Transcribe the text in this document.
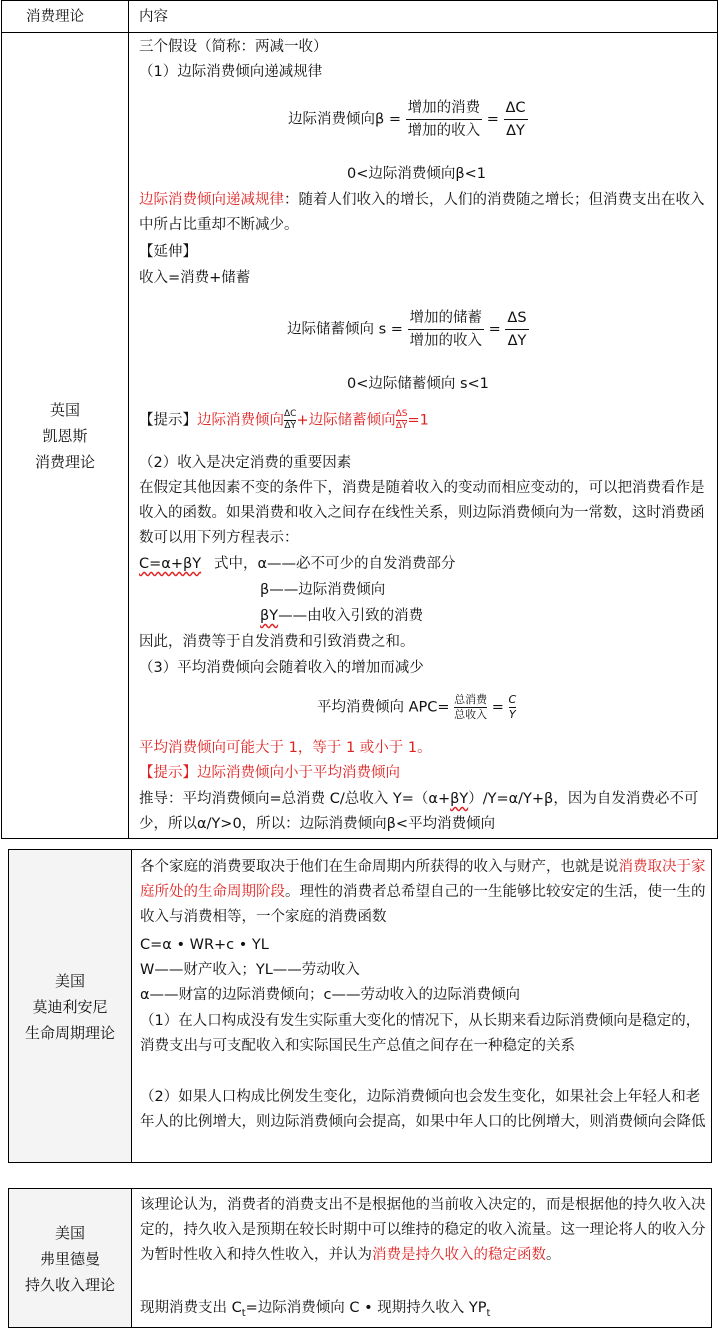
消费理论	内容
英国
凯恩斯
消费理论
三个假设（简称：两减一收）
（1）边际消费倾向递减规律
边际消费倾向$\beta = \frac{\text{增加的消费}}{\text{增加的收入}} = \frac{\Delta C}{\Delta Y}$
0<边际消费倾向β<1
边际消费倾向递减规律：随着人们收入的增长，人们的消费随之增长；但消费支出在收入中所占比重却不断减少。
【延伸】
收入=消费+储蓄
边际储蓄倾向 $s = \frac{\text{增加的储蓄}}{\text{增加的收入}} = \frac{\Delta S}{\Delta Y}$
0<边际储蓄倾向 s<1
【提示】边际消费倾向 $\frac{\Delta C}{\Delta Y}$ +边际储蓄倾向 $\frac{\Delta S}{\Delta Y} =1$
（2）收入是决定消费的重要因素
在假定其他因素不变的条件下，消费是随着收入的变动而相应变动的，可以把消费看作是收入的函数。如果消费和收入之间存在线性关系，则边际消费倾向为一常数，这时消费函数可以用下列方程表示：
C=α+βY 式中，α——必不可少的自发消费部分
β——边际消费倾向
βY——由收入引致的消费
因此，消费等于自发消费和引致消费之和。
（3）平均消费倾向会随着收入的增加而减少
平均消费倾向 $APC= \frac{\text{总消费}}{\text{总收入}} = \frac{C}{Y}$
平均消费倾向可能大于 1，等于 1 或小于 1。
【提示】边际消费倾向小于平均消费倾向
推导：平均消费倾向=总消费 C/总收入 Y=（α+βY）/Y=α/Y+β，因为自发消费必不可少，所以α/Y>0，所以：边际消费倾向β<平均消费倾向
美国
莫迪利安尼
生命周期理论
各个家庭的消费要取决于他们在生命周期内所获得的收入与财产，也就是说消费取决于家庭所处的生命周期阶段。理性的消费者总希望自己的一生能够比较安定的生活，使一生的收入与消费相等，一个家庭的消费函数
C=α • WR+c • YL
W——财产收入；YL——劳动收入
α——财富的边际消费倾向；c——劳动收入的边际消费倾向
（1）在人口构成没有发生实际重大变化的情况下，从长期来看边际消费倾向是稳定的，消费支出与可支配收入和实际国民生产总值之间存在一种稳定的关系
（2）如果人口构成比例发生变化，边际消费倾向也会发生变化，如果社会上年轻人和老年人的比例增大，则边际消费倾向会提高，如果中年人口的比例增大，则消费倾向会降低
美国
弗里德曼
持久收入理论
该理论认为，消费者的消费支出不是根据他的当前收入决定的，而是根据他的持久收入决定的，持久收入是预期在较长时期中可以维持的稳定的收入流量。这一理论将人的收入分为暂时性收入和持久性收入，并认为消费是持久收入的稳定函数。
现期消费支出 $C_t=$边际消费倾向 C • 现期持久收入 $YP_t$
